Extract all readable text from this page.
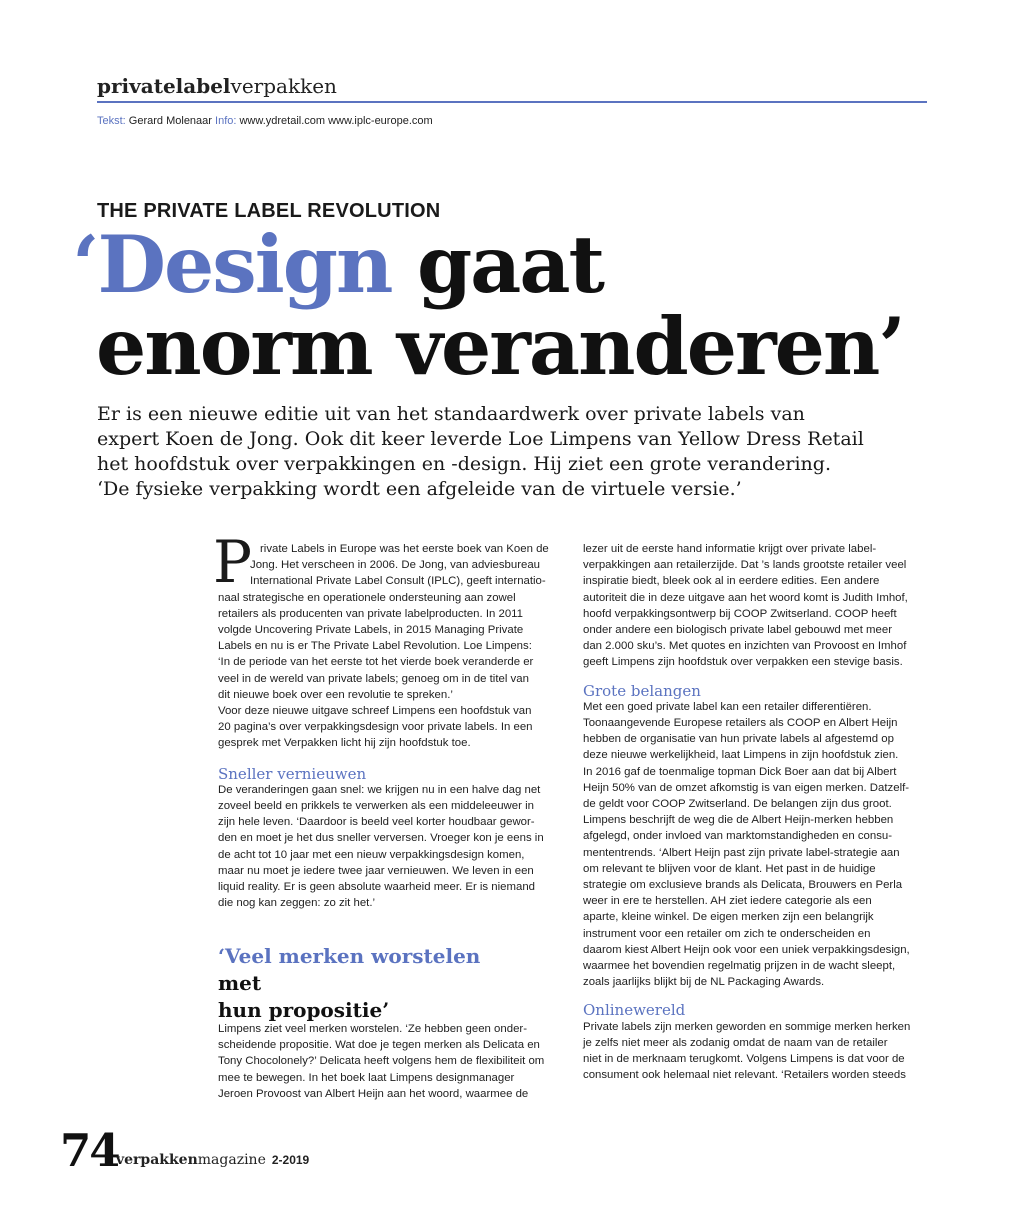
privatelabelverpakken
Tekst: Gerard Molenaar Info: www.ydretail.com www.iplc-europe.com
THE PRIVATE LABEL REVOLUTION
‘Design gaat
enorm veranderen’
Er is een nieuwe editie uit van het standaardwerk over private labels van
expert Koen de Jong. Ook dit keer leverde Loe Limpens van Yellow Dress Retail
het hoofdstuk over verpakkingen en -design. Hij ziet een grote verandering.
‘De fysieke verpakking wordt een afgeleide van de virtuele versie.’
P rivate Labels in Europe was het eerste boek van Koen de
Jong. Het verscheen in 2006. De Jong, van adviesbureau
International Private Label Consult (IPLC), geeft internatio-
naal strategische en operationele ondersteuning aan zowel
retailers als producenten van private labelproducten. In 2011
volgde Uncovering Private Labels, in 2015 Managing Private
Labels en nu is er The Private Label Revolution. Loe Limpens:
‘In de periode van het eerste tot het vierde boek veranderde er
veel in de wereld van private labels; genoeg om in de titel van
dit nieuwe boek over een revolutie te spreken.’
Voor deze nieuwe uitgave schreef Limpens een hoofdstuk van
20 pagina’s over verpakkingsdesign voor private labels. In een
gesprek met Verpakken licht hij zijn hoofdstuk toe.
Sneller vernieuwen
De veranderingen gaan snel: we krijgen nu in een halve dag net
zoveel beeld en prikkels te verwerken als een middeleeuwer in
zijn hele leven. ‘Daardoor is beeld veel korter houdbaar gewor-
den en moet je het dus sneller verversen. Vroeger kon je eens in
de acht tot 10 jaar met een nieuw verpakkingsdesign komen,
maar nu moet je iedere twee jaar vernieuwen. We leven in een
liquid reality. Er is geen absolute waarheid meer. Er is niemand
die nog kan zeggen: zo zit het.’
‘Veel merken worstelen
met
hun propositie’
Limpens ziet veel merken worstelen. ‘Ze hebben geen onder-
scheidende propositie. Wat doe je tegen merken als Delicata en
Tony Chocolonely?’ Delicata heeft volgens hem de flexibiliteit om
mee te bewegen. In het boek laat Limpens designmanager
Jeroen Provoost van Albert Heijn aan het woord, waarmee de
lezer uit de eerste hand informatie krijgt over private label-
verpakkingen aan retailerzijde. Dat ’s lands grootste retailer veel
inspiratie biedt, bleek ook al in eerdere edities. Een andere
autoriteit die in deze uitgave aan het woord komt is Judith Imhof,
hoofd verpakkingsontwerp bij COOP Zwitserland. COOP heeft
onder andere een biologisch private label gebouwd met meer
dan 2.000 sku’s. Met quotes en inzichten van Provoost en Imhof
geeft Limpens zijn hoofdstuk over verpakken een stevige basis.
Grote belangen
Met een goed private label kan een retailer differentiëren.
Toonaangevende Europese retailers als COOP en Albert Heijn
hebben de organisatie van hun private labels al afgestemd op
deze nieuwe werkelijkheid, laat Limpens in zijn hoofdstuk zien.
In 2016 gaf de toenmalige topman Dick Boer aan dat bij Albert
Heijn 50% van de omzet afkomstig is van eigen merken. Datzelf-
de geldt voor COOP Zwitserland. De belangen zijn dus groot.
Limpens beschrijft de weg die de Albert Heijn-merken hebben
afgelegd, onder invloed van marktomstandigheden en consu-
mententrends. ‘Albert Heijn past zijn private label-strategie aan
om relevant te blijven voor de klant. Het past in de huidige
strategie om exclusieve brands als Delicata, Brouwers en Perla
weer in ere te herstellen. AH ziet iedere categorie als een
aparte, kleine winkel. De eigen merken zijn een belangrijk
instrument voor een retailer om zich te onderscheiden en
daarom kiest Albert Heijn ook voor een uniek verpakkingsdesign,
waarmee het bovendien regelmatig prijzen in de wacht sleept,
zoals jaarlijks blijkt bij de NL Packaging Awards.
Onlinewereld
Private labels zijn merken geworden en sommige merken herken
je zelfs niet meer als zodanig omdat de naam van de retailer
niet in de merknaam terugkomt. Volgens Limpens is dat voor de
consument ook helemaal niet relevant. ‘Retailers worden steeds
74
verpakkenmagazine 2-2019
